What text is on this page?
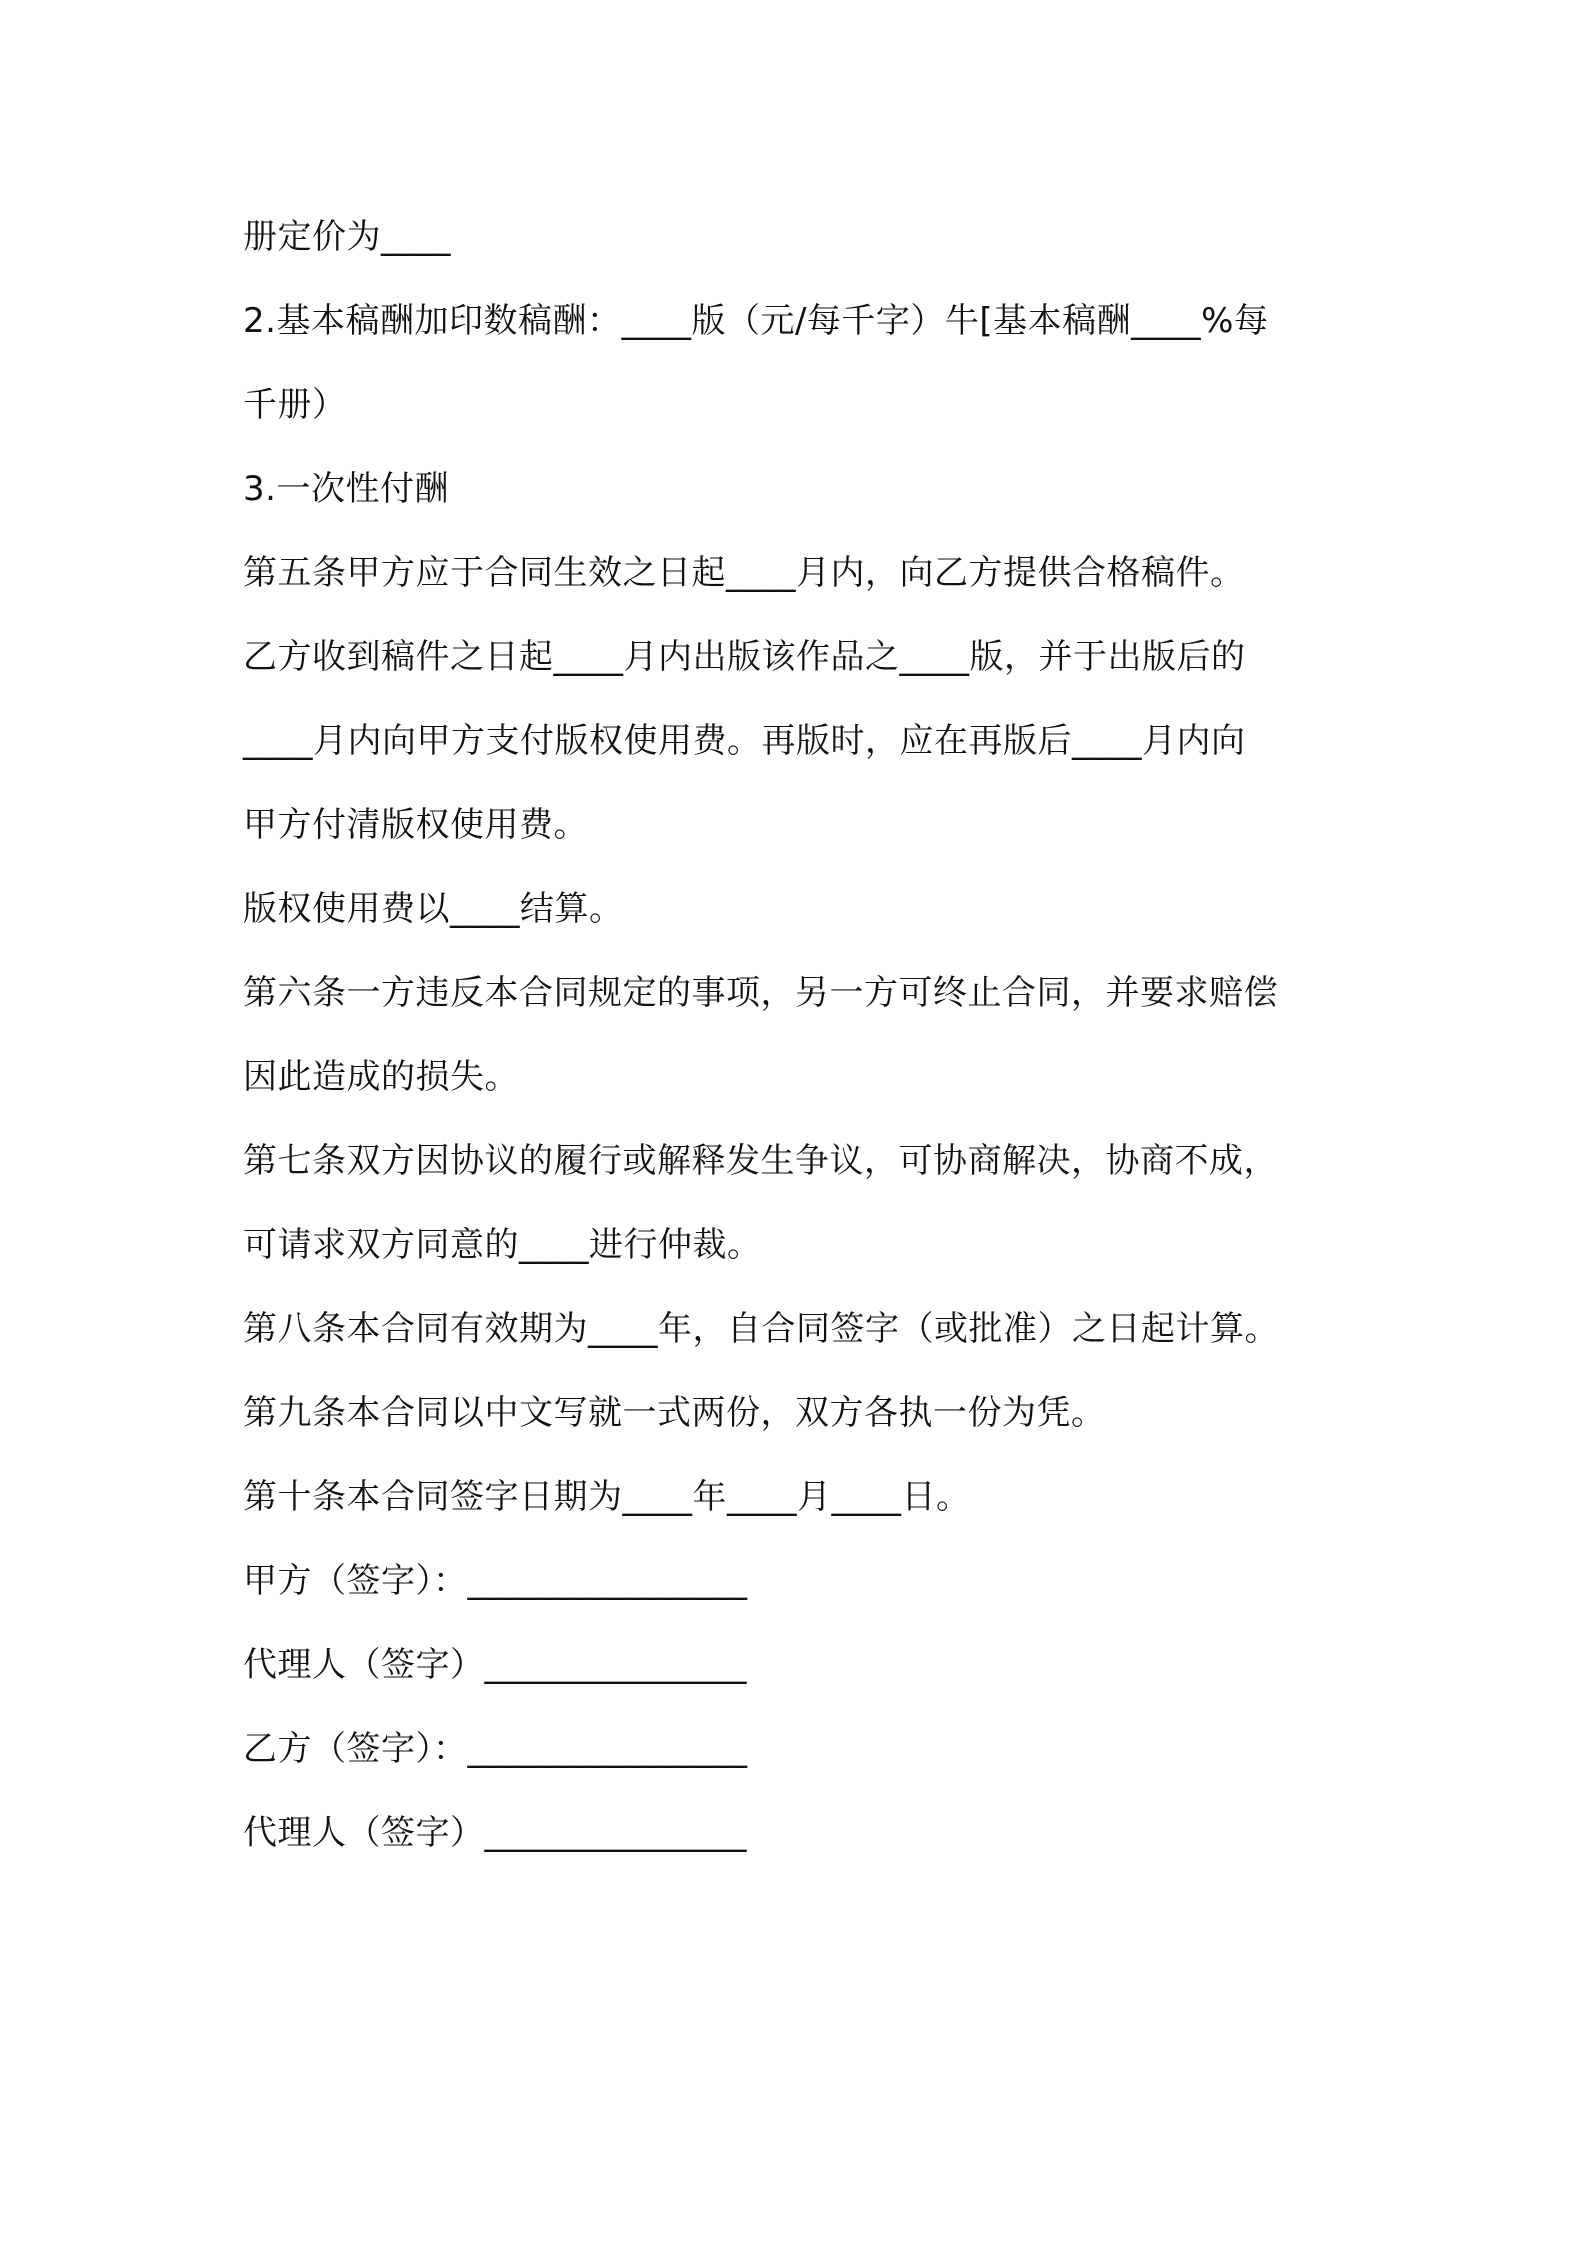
册定价为____
2.基本稿酬加印数稿酬：____版（元/每千字）牛[基本稿酬____%每
千册）
3.一次性付酬
第五条甲方应于合同生效之日起____月内，向乙方提供合格稿件。
乙方收到稿件之日起____月内出版该作品之____版，并于出版后的
____月内向甲方支付版权使用费。再版时，应在再版后____月内向
甲方付清版权使用费。
版权使用费以____结算。
第六条一方违反本合同规定的事项，另一方可终止合同，并要求赔偿
因此造成的损失。
第七条双方因协议的履行或解释发生争议，可协商解决，协商不成，
可请求双方同意的____进行仲裁。
第八条本合同有效期为____年，自合同签字（或批准）之日起计算。
第九条本合同以中文写就一式两份，双方各执一份为凭。
第十条本合同签字日期为____年____月____日。
甲方（签字）：________________
代理人（签字）_______________
乙方（签字）：________________
代理人（签字）_______________
